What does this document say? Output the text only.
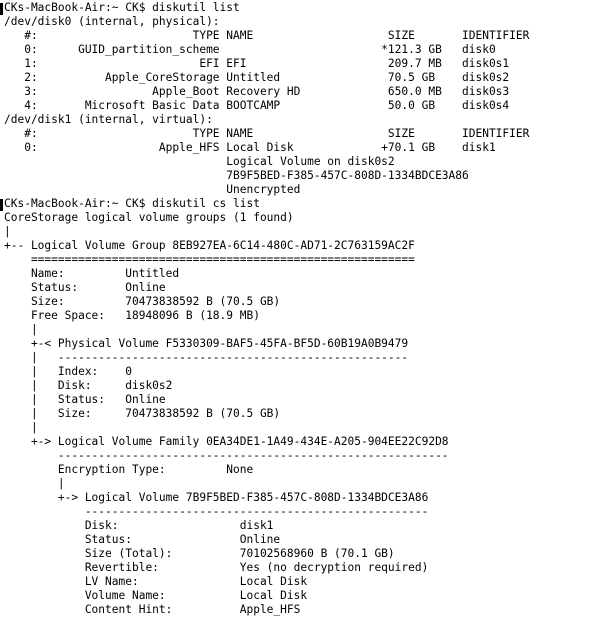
CKs-MacBook-Air:~ CK$ diskutil list
/dev/disk0 (internal, physical):
#:                       TYPE NAME                    SIZE       IDENTIFIER
0:      GUID_partition_scheme                        *121.3 GB   disk0
1:                        EFI EFI                     209.7 MB   disk0s1
2:          Apple_CoreStorage Untitled                70.5 GB    disk0s2
3:                 Apple_Boot Recovery HD             650.0 MB   disk0s3
4:       Microsoft Basic Data BOOTCAMP                50.0 GB    disk0s4
/dev/disk1 (internal, virtual):
#:                       TYPE NAME                    SIZE       IDENTIFIER
0:                  Apple_HFS Local Disk             +70.1 GB    disk1
Logical Volume on disk0s2
7B9F5BED-F385-457C-808D-1334BDCE3A86
Unencrypted
CKs-MacBook-Air:~ CK$ diskutil cs list
CoreStorage logical volume groups (1 found)
|
+-- Logical Volume Group 8EB927EA-6C14-480C-AD71-2C763159AC2F
=========================================================
Name:         Untitled
Status:       Online
Size:         70473838592 B (70.5 GB)
Free Space:   18948096 B (18.9 MB)
|
+-< Physical Volume F5330309-BAF5-45FA-BF5D-60B19A0B9479
|   ----------------------------------------------------
|   Index:    0
|   Disk:     disk0s2
|   Status:   Online
|   Size:     70473838592 B (70.5 GB)
|
+-> Logical Volume Family 0EA34DE1-1A49-434E-A205-904EE22C92D8
----------------------------------------------------------
Encryption Type:         None
|
+-> Logical Volume 7B9F5BED-F385-457C-808D-1334BDCE3A86
---------------------------------------------------
Disk:                  disk1
Status:                Online
Size (Total):          70102568960 B (70.1 GB)
Revertible:            Yes (no decryption required)
LV Name:               Local Disk
Volume Name:           Local Disk
Content Hint:          Apple_HFS
